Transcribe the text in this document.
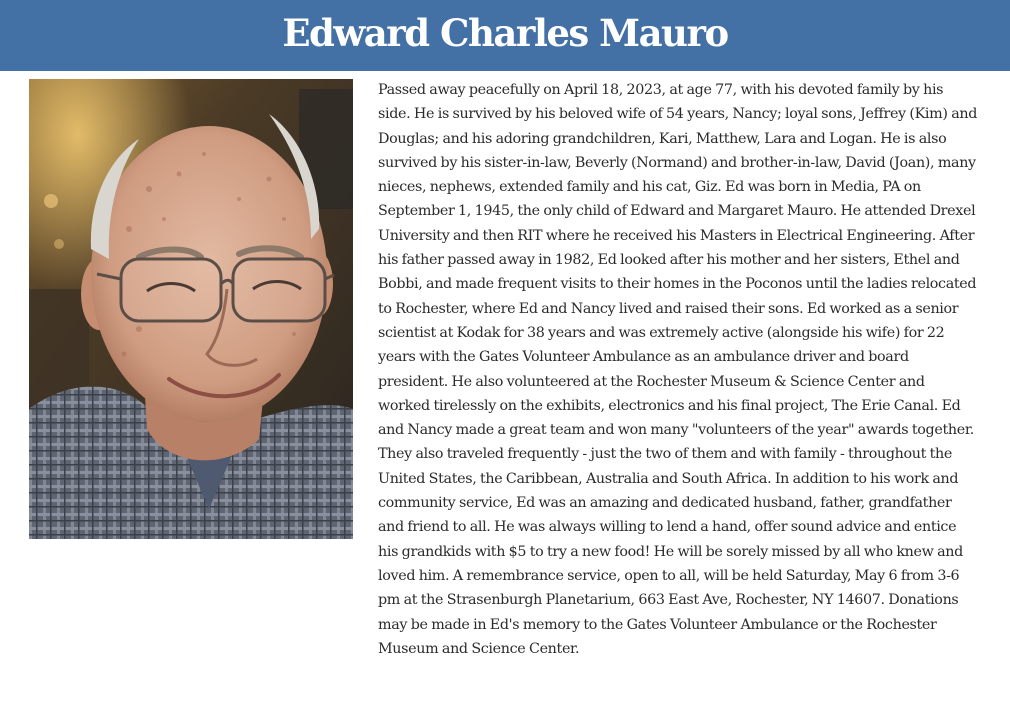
Edward Charles Mauro

Passed away peacefully on April 18, 2023, at age 77, with his devoted family by his side. He is survived by his beloved wife of 54 years, Nancy; loyal sons, Jeffrey (Kim) and Douglas; and his adoring grandchildren, Kari, Matthew, Lara and Logan. He is also survived by his sister-in-law, Beverly (Normand) and brother-in-law, David (Joan), many nieces, nephews, extended family and his cat, Giz. Ed was born in Media, PA on September 1, 1945, the only child of Edward and Margaret Mauro. He attended Drexel University and then RIT where he received his Masters in Electrical Engineering. After his father passed away in 1982, Ed looked after his mother and her sisters, Ethel and Bobbi, and made frequent visits to their homes in the Poconos until the ladies relocated to Rochester, where Ed and Nancy lived and raised their sons. Ed worked as a senior scientist at Kodak for 38 years and was extremely active (alongside his wife) for 22 years with the Gates Volunteer Ambulance as an ambulance driver and board president. He also volunteered at the Rochester Museum & Science Center and worked tirelessly on the exhibits, electronics and his final project, The Erie Canal. Ed and Nancy made a great team and won many "volunteers of the year" awards together. They also traveled frequently - just the two of them and with family - throughout the United States, the Caribbean, Australia and South Africa. In addition to his work and community service, Ed was an amazing and dedicated husband, father, grandfather and friend to all. He was always willing to lend a hand, offer sound advice and entice his grandkids with $5 to try a new food! He will be sorely missed by all who knew and loved him. A remembrance service, open to all, will be held Saturday, May 6 from 3-6 pm at the Strasenburgh Planetarium, 663 East Ave, Rochester, NY 14607. Donations may be made in Ed's memory to the Gates Volunteer Ambulance or the Rochester Museum and Science Center.
